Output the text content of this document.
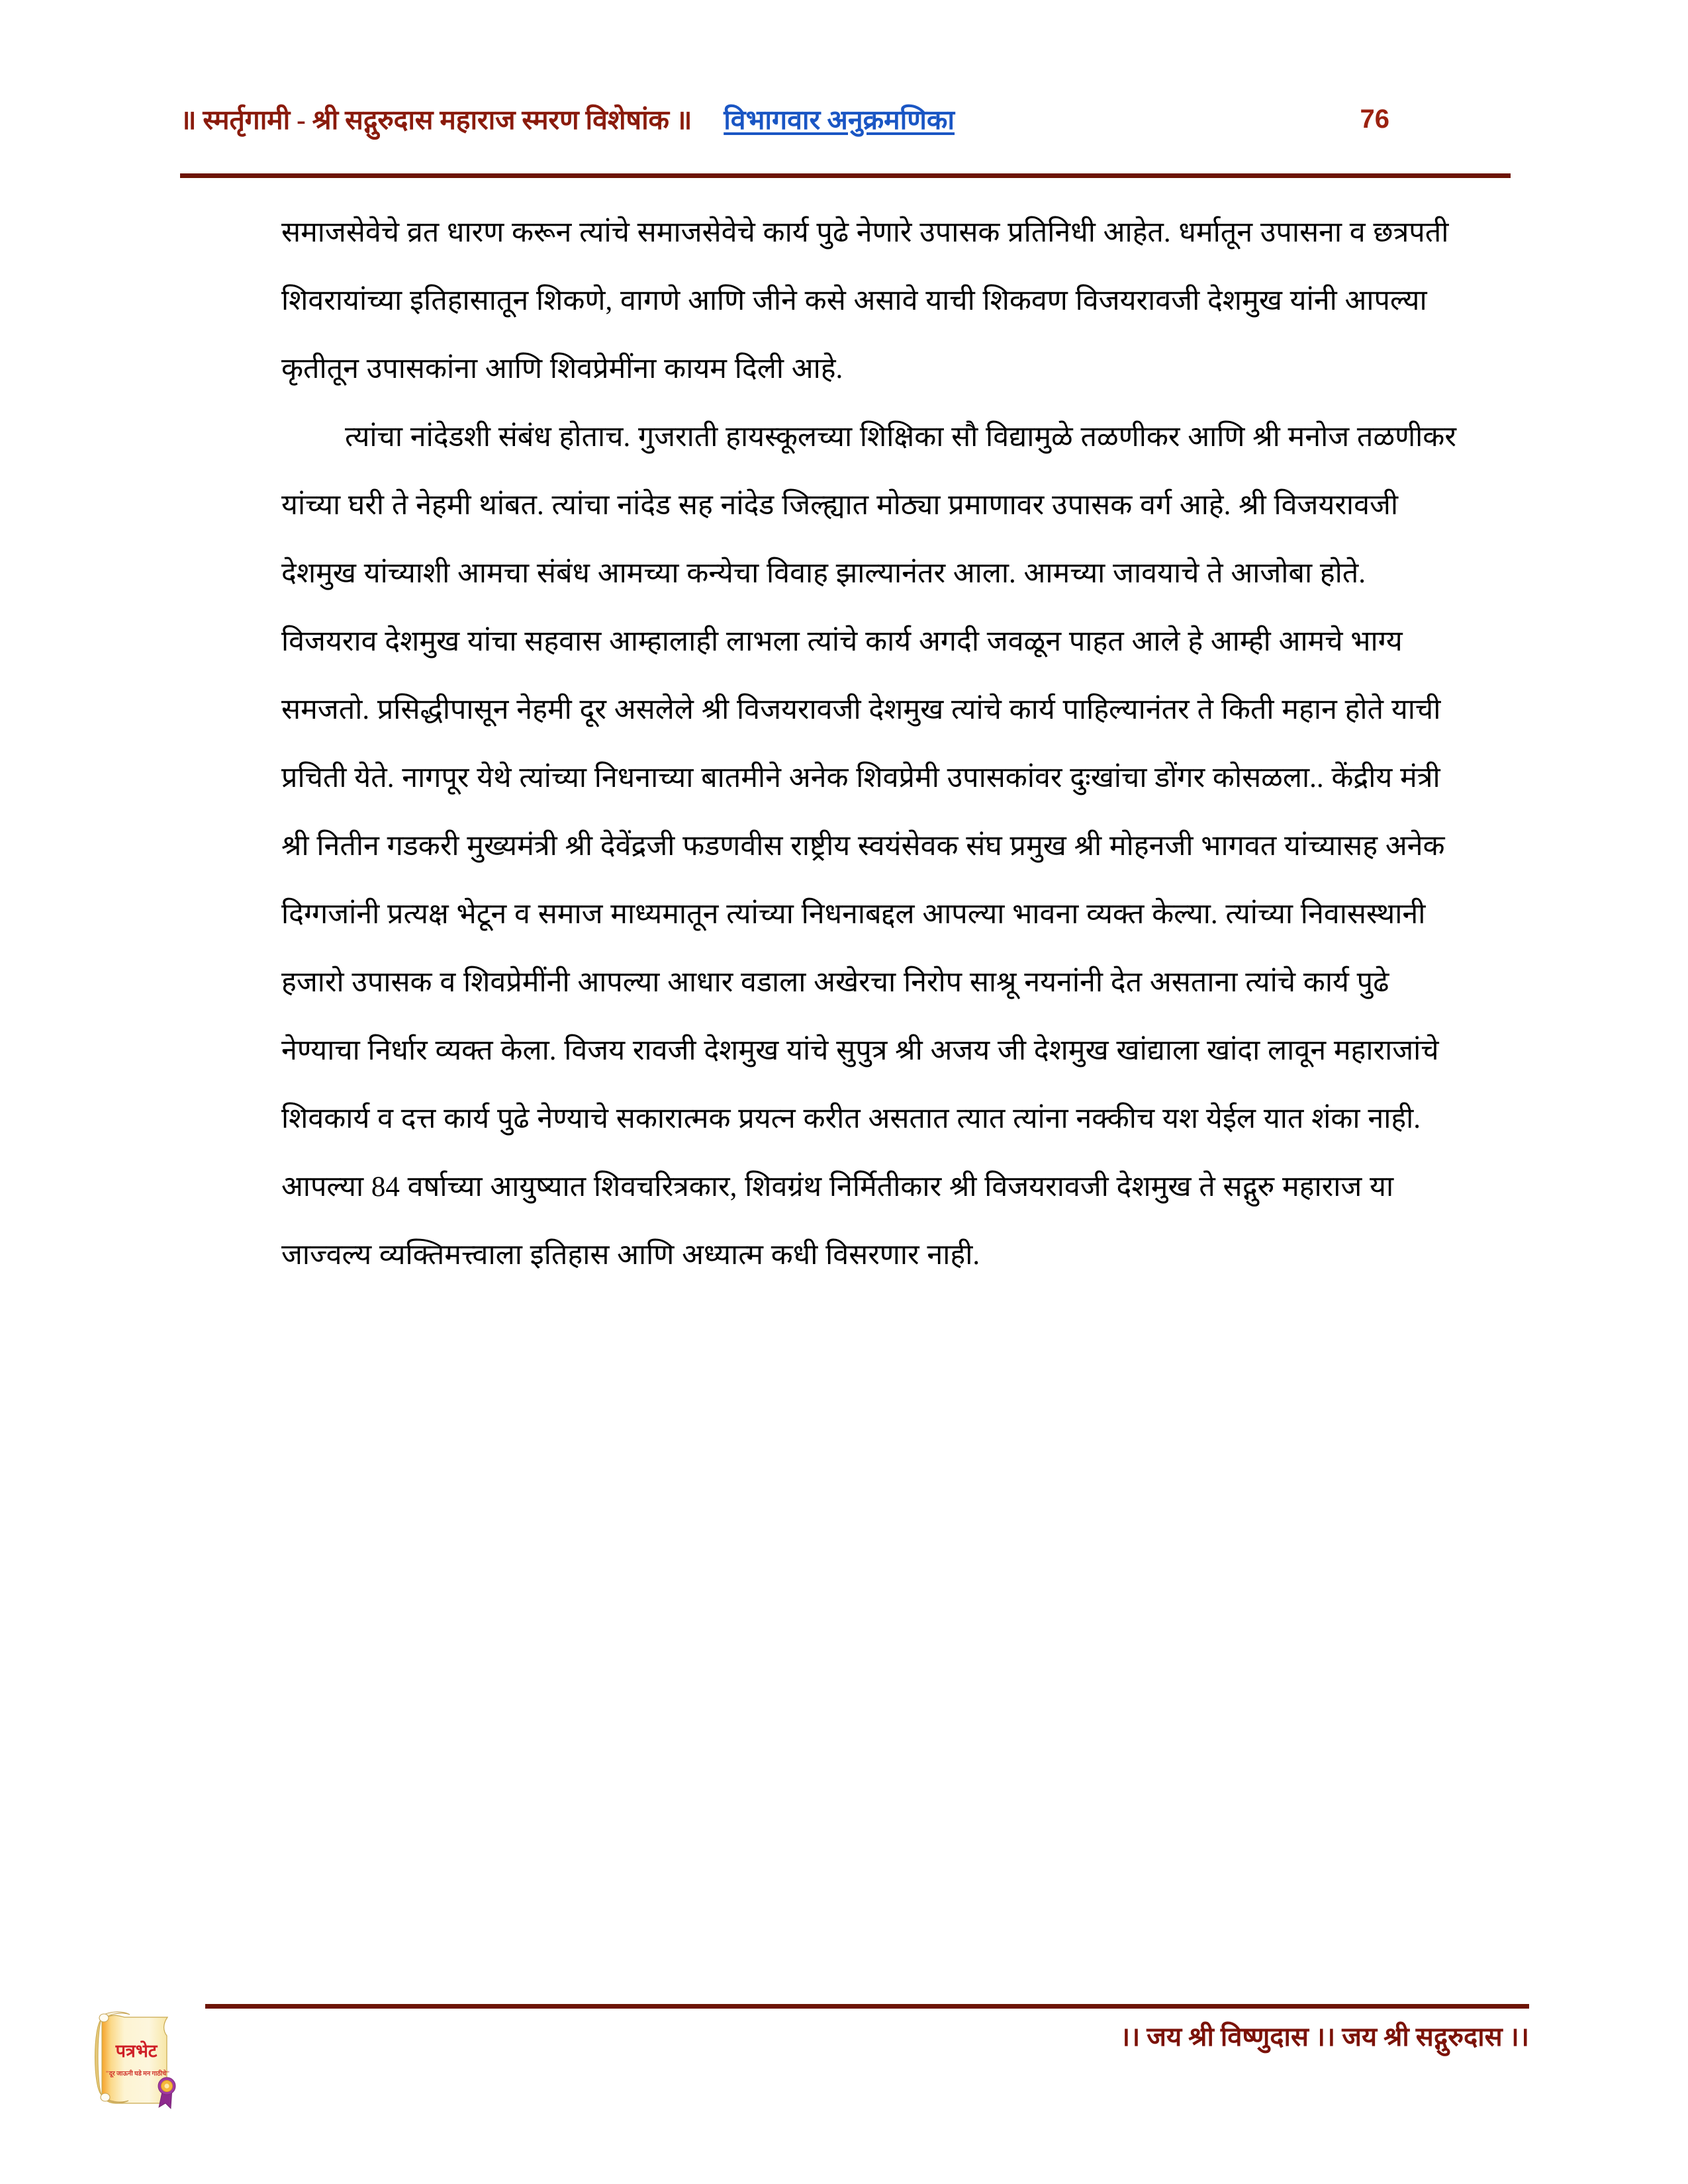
॥ स्मर्तृगामी - श्री सद्गुरुदास महाराज स्मरण विशेषांक ॥ विभागवार अनुक्रमणिका	76

समाजसेवेचे व्रत धारण करून त्यांचे समाजसेवेचे कार्य पुढे नेणारे उपासक प्रतिनिधी आहेत. धर्मातून उपासना व छत्रपती शिवरायांच्या इतिहासातून शिकणे, वागणे आणि जीने कसे असावे याची शिकवण विजयरावजी देशमुख यांनी आपल्या कृतीतून उपासकांना आणि शिवप्रेमींना कायम दिली आहे.

त्यांचा नांदेडशी संबंध होताच. गुजराती हायस्कूलच्या शिक्षिका सौ विद्यामुळे तळणीकर आणि श्री मनोज तळणीकर यांच्या घरी ते नेहमी थांबत. त्यांचा नांदेड सह नांदेड जिल्ह्यात मोठ्या प्रमाणावर उपासक वर्ग आहे. श्री विजयरावजी देशमुख यांच्याशी आमचा संबंध आमच्या कन्येचा विवाह झाल्यानंतर आला. आमच्या जावयाचे ते आजोबा होते. विजयराव देशमुख यांचा सहवास आम्हालाही लाभला त्यांचे कार्य अगदी जवळून पाहत आले हे आम्ही आमचे भाग्य समजतो. प्रसिद्धीपासून नेहमी दूर असलेले श्री विजयरावजी देशमुख त्यांचे कार्य पाहिल्यानंतर ते किती महान होते याची प्रचिती येते. नागपूर येथे त्यांच्या निधनाच्या बातमीने अनेक शिवप्रेमी उपासकांवर दुःखांचा डोंगर कोसळला.. केंद्रीय मंत्री श्री नितीन गडकरी मुख्यमंत्री श्री देवेंद्रजी फडणवीस राष्ट्रीय स्वयंसेवक संघ प्रमुख श्री मोहनजी भागवत यांच्यासह अनेक दिग्गजांनी प्रत्यक्ष भेटून व समाज माध्यमातून त्यांच्या निधनाबद्दल आपल्या भावना व्यक्त केल्या. त्यांच्या निवासस्थानी हजारो उपासक व शिवप्रेमींनी आपल्या आधार वडाला अखेरचा निरोप साश्रू नयनांनी देत असताना त्यांचे कार्य पुढे नेण्याचा निर्धार व्यक्त केला. विजय रावजी देशमुख यांचे सुपुत्र श्री अजय जी देशमुख खांद्याला खांदा लावून महाराजांचे शिवकार्य व दत्त कार्य पुढे नेण्याचे सकारात्मक प्रयत्न करीत असतात त्यात त्यांना नक्कीच यश येईल यात शंका नाही. आपल्या 84 वर्षाच्या आयुष्यात शिवचरित्रकार, शिवग्रंथ निर्मितीकार श्री विजयरावजी देशमुख ते सद्गुरु महाराज या जाज्वल्य व्यक्तिमत्त्वाला इतिहास आणि अध्यात्म कधी विसरणार नाही.

।। जय श्री विष्णुदास ।। जय श्री सद्गुरुदास ।।
पत्रभेट
"दूर जाऊनी घडे मन गाठीचे"
